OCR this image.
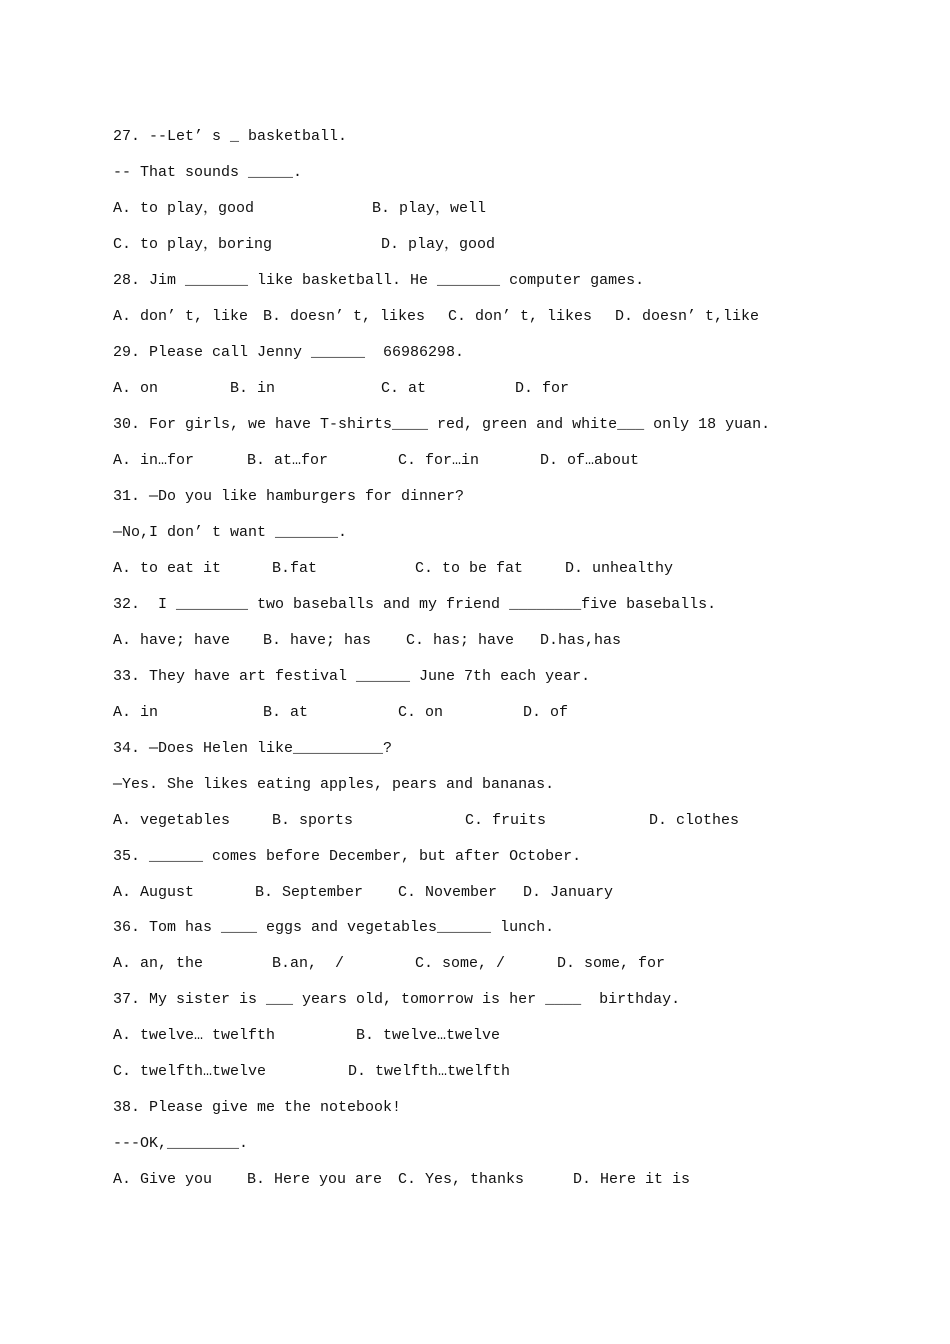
27. --Let’ s _ basketball.
-- That sounds _____.
A. to play，good	B. play，well
C. to play，boring	D. play，good
28. Jim _______ like basketball. He _______ computer games.
A. don’ t, like B. doesn’ t, likes C. don’ t, likes D. doesn’ t,like
29. Please call Jenny ______  66986298.
A. on	B. in	C. at	D. for
30. For girls, we have T-shirts____ red, green and white___ only 18 yuan.
A. in…for	B. at…for	C. for…in	D. of…about
31. —Do you like hamburgers for dinner?
—No,I don’ t want _______.
A. to eat it	B.fat	C. to be fat	D. unhealthy
32.  I ________ two baseballs and my friend ________five baseballs.
A. have; have B. have; has C. has; have D.has,has
33. They have art festival ______ June 7th each year.
A. in	B. at	C. on	D. of
34. —Does Helen like__________?
—Yes. She likes eating apples, pears and bananas.
A. vegetables	B. sports	C. fruits	D. clothes
35. ______ comes before December, but after October.
A. August	B. September C. November D. January
36. Tom has ____ eggs and vegetables______ lunch.
A. an, the	B.an,  /	C. some, /	D. some, for
37. My sister is ___ years old, tomorrow is her ____  birthday.
A. twelve… twelfth	B. twelve…twelve
C. twelfth…twelve	D. twelfth…twelfth
38. Please give me the notebook!
---OK,________.
A. Give you B. Here you are C. Yes, thanks	D. Here it is
